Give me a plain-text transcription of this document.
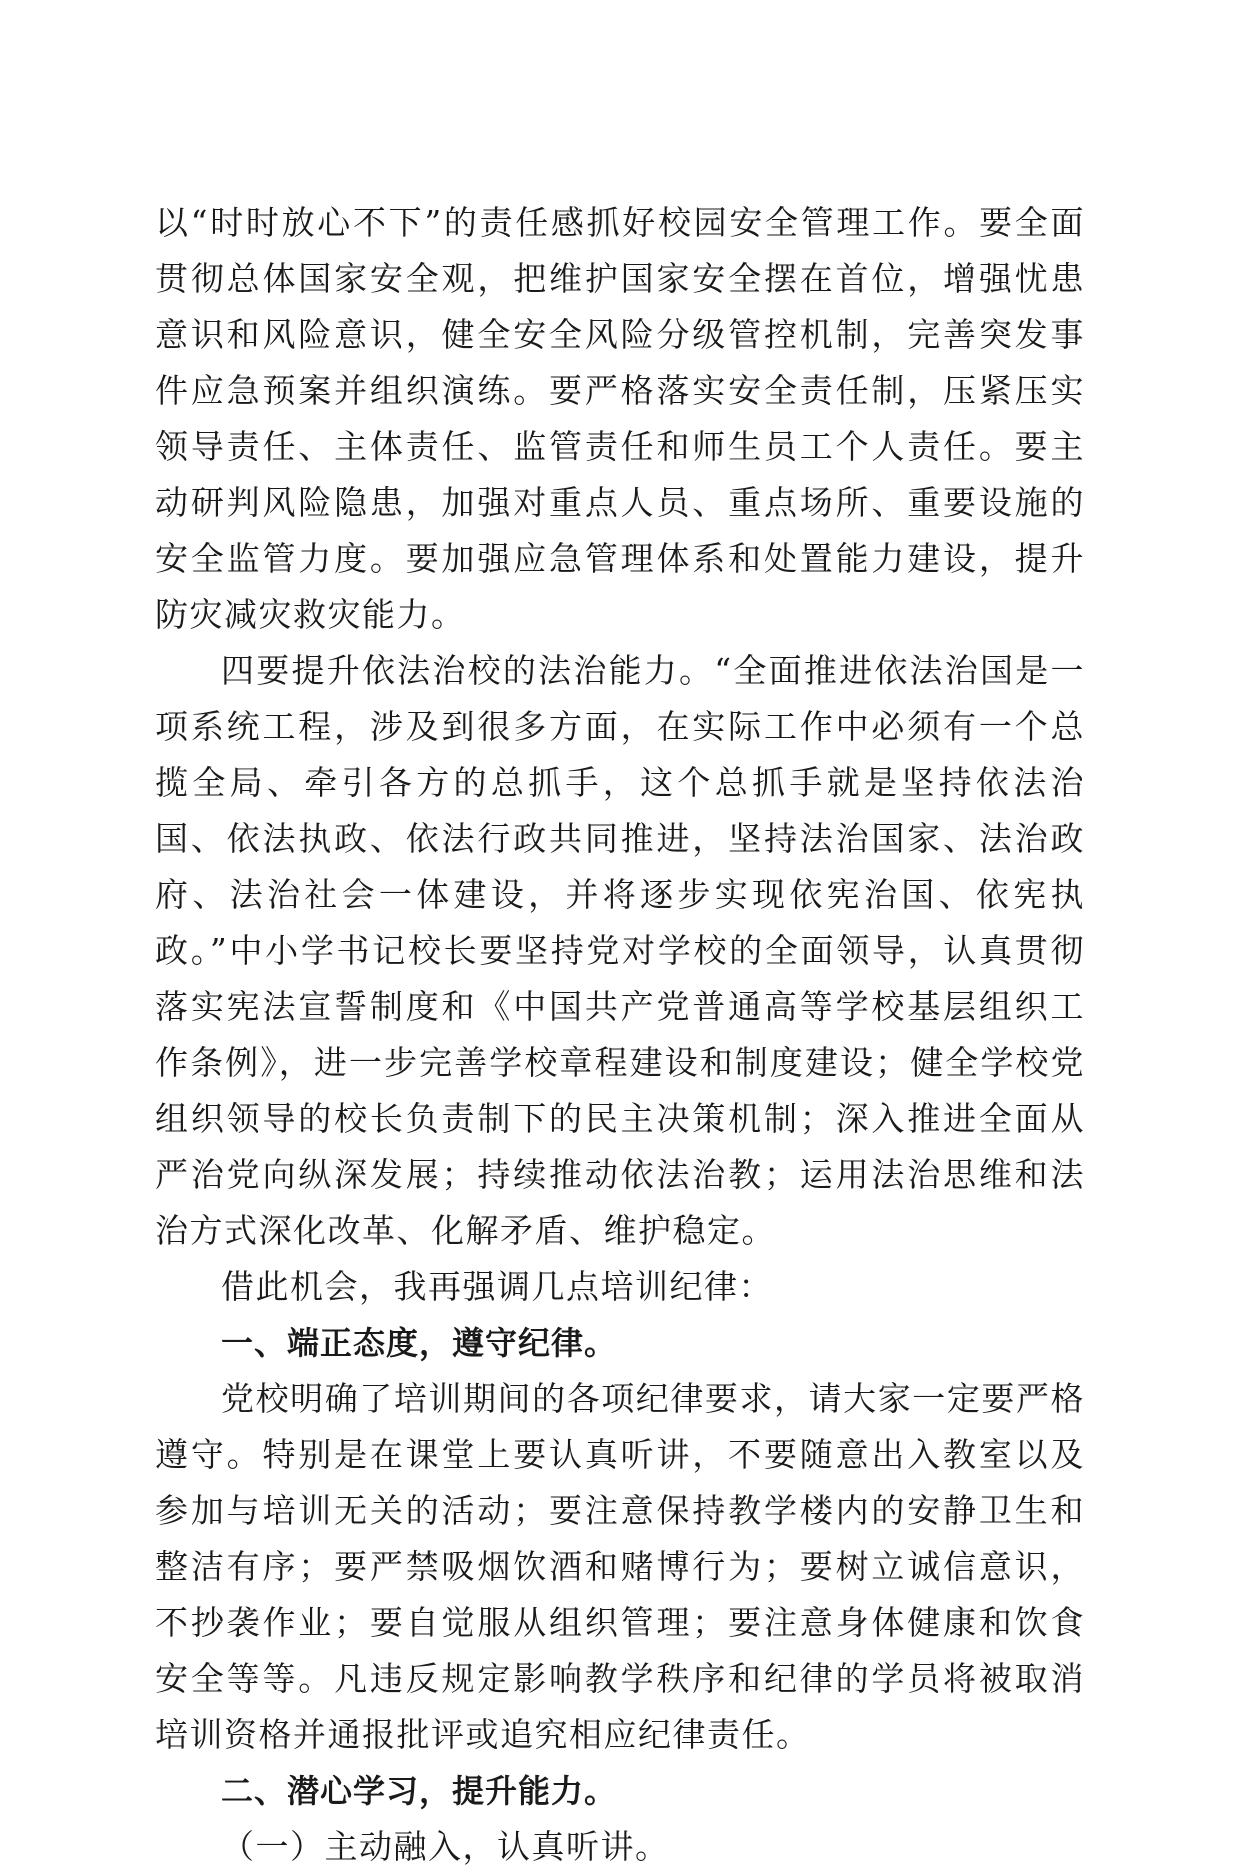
以“时时放心不下”的责任感抓好校园安全管理工作。要全面贯彻总体国家安全观，把维护国家安全摆在首位，增强忧患意识和风险意识，健全安全风险分级管控机制，完善突发事件应急预案并组织演练。要严格落实安全责任制，压紧压实领导责任、主体责任、监管责任和师生员工个人责任。要主动研判风险隐患，加强对重点人员、重点场所、重要设施的安全监管力度。要加强应急管理体系和处置能力建设，提升防灾减灾救灾能力。

四要提升依法治校的法治能力。“全面推进依法治国是一项系统工程，涉及到很多方面，在实际工作中必须有一个总揽全局、牵引各方的总抓手，这个总抓手就是坚持依法治国、依法执政、依法行政共同推进，坚持法治国家、法治政府、法治社会一体建设，并将逐步实现依宪治国、依宪执政。”中小学书记校长要坚持党对学校的全面领导，认真贯彻落实宪法宣誓制度和《中国共产党普通高等学校基层组织工作条例》，进一步完善学校章程建设和制度建设；健全学校党组织领导的校长负责制下的民主决策机制；深入推进全面从严治党向纵深发展；持续推动依法治教；运用法治思维和法治方式深化改革、化解矛盾、维护稳定。

借此机会，我再强调几点培训纪律：

一、端正态度，遵守纪律。

党校明确了培训期间的各项纪律要求，请大家一定要严格遵守。特别是在课堂上要认真听讲，不要随意出入教室以及参加与培训无关的活动；要注意保持教学楼内的安静卫生和整洁有序；要严禁吸烟饮酒和赌博行为；要树立诚信意识，不抄袭作业；要自觉服从组织管理；要注意身体健康和饮食安全等等。凡违反规定影响教学秩序和纪律的学员将被取消培训资格并通报批评或追究相应纪律责任。

二、潜心学习，提升能力。

（一）主动融入，认真听讲。
